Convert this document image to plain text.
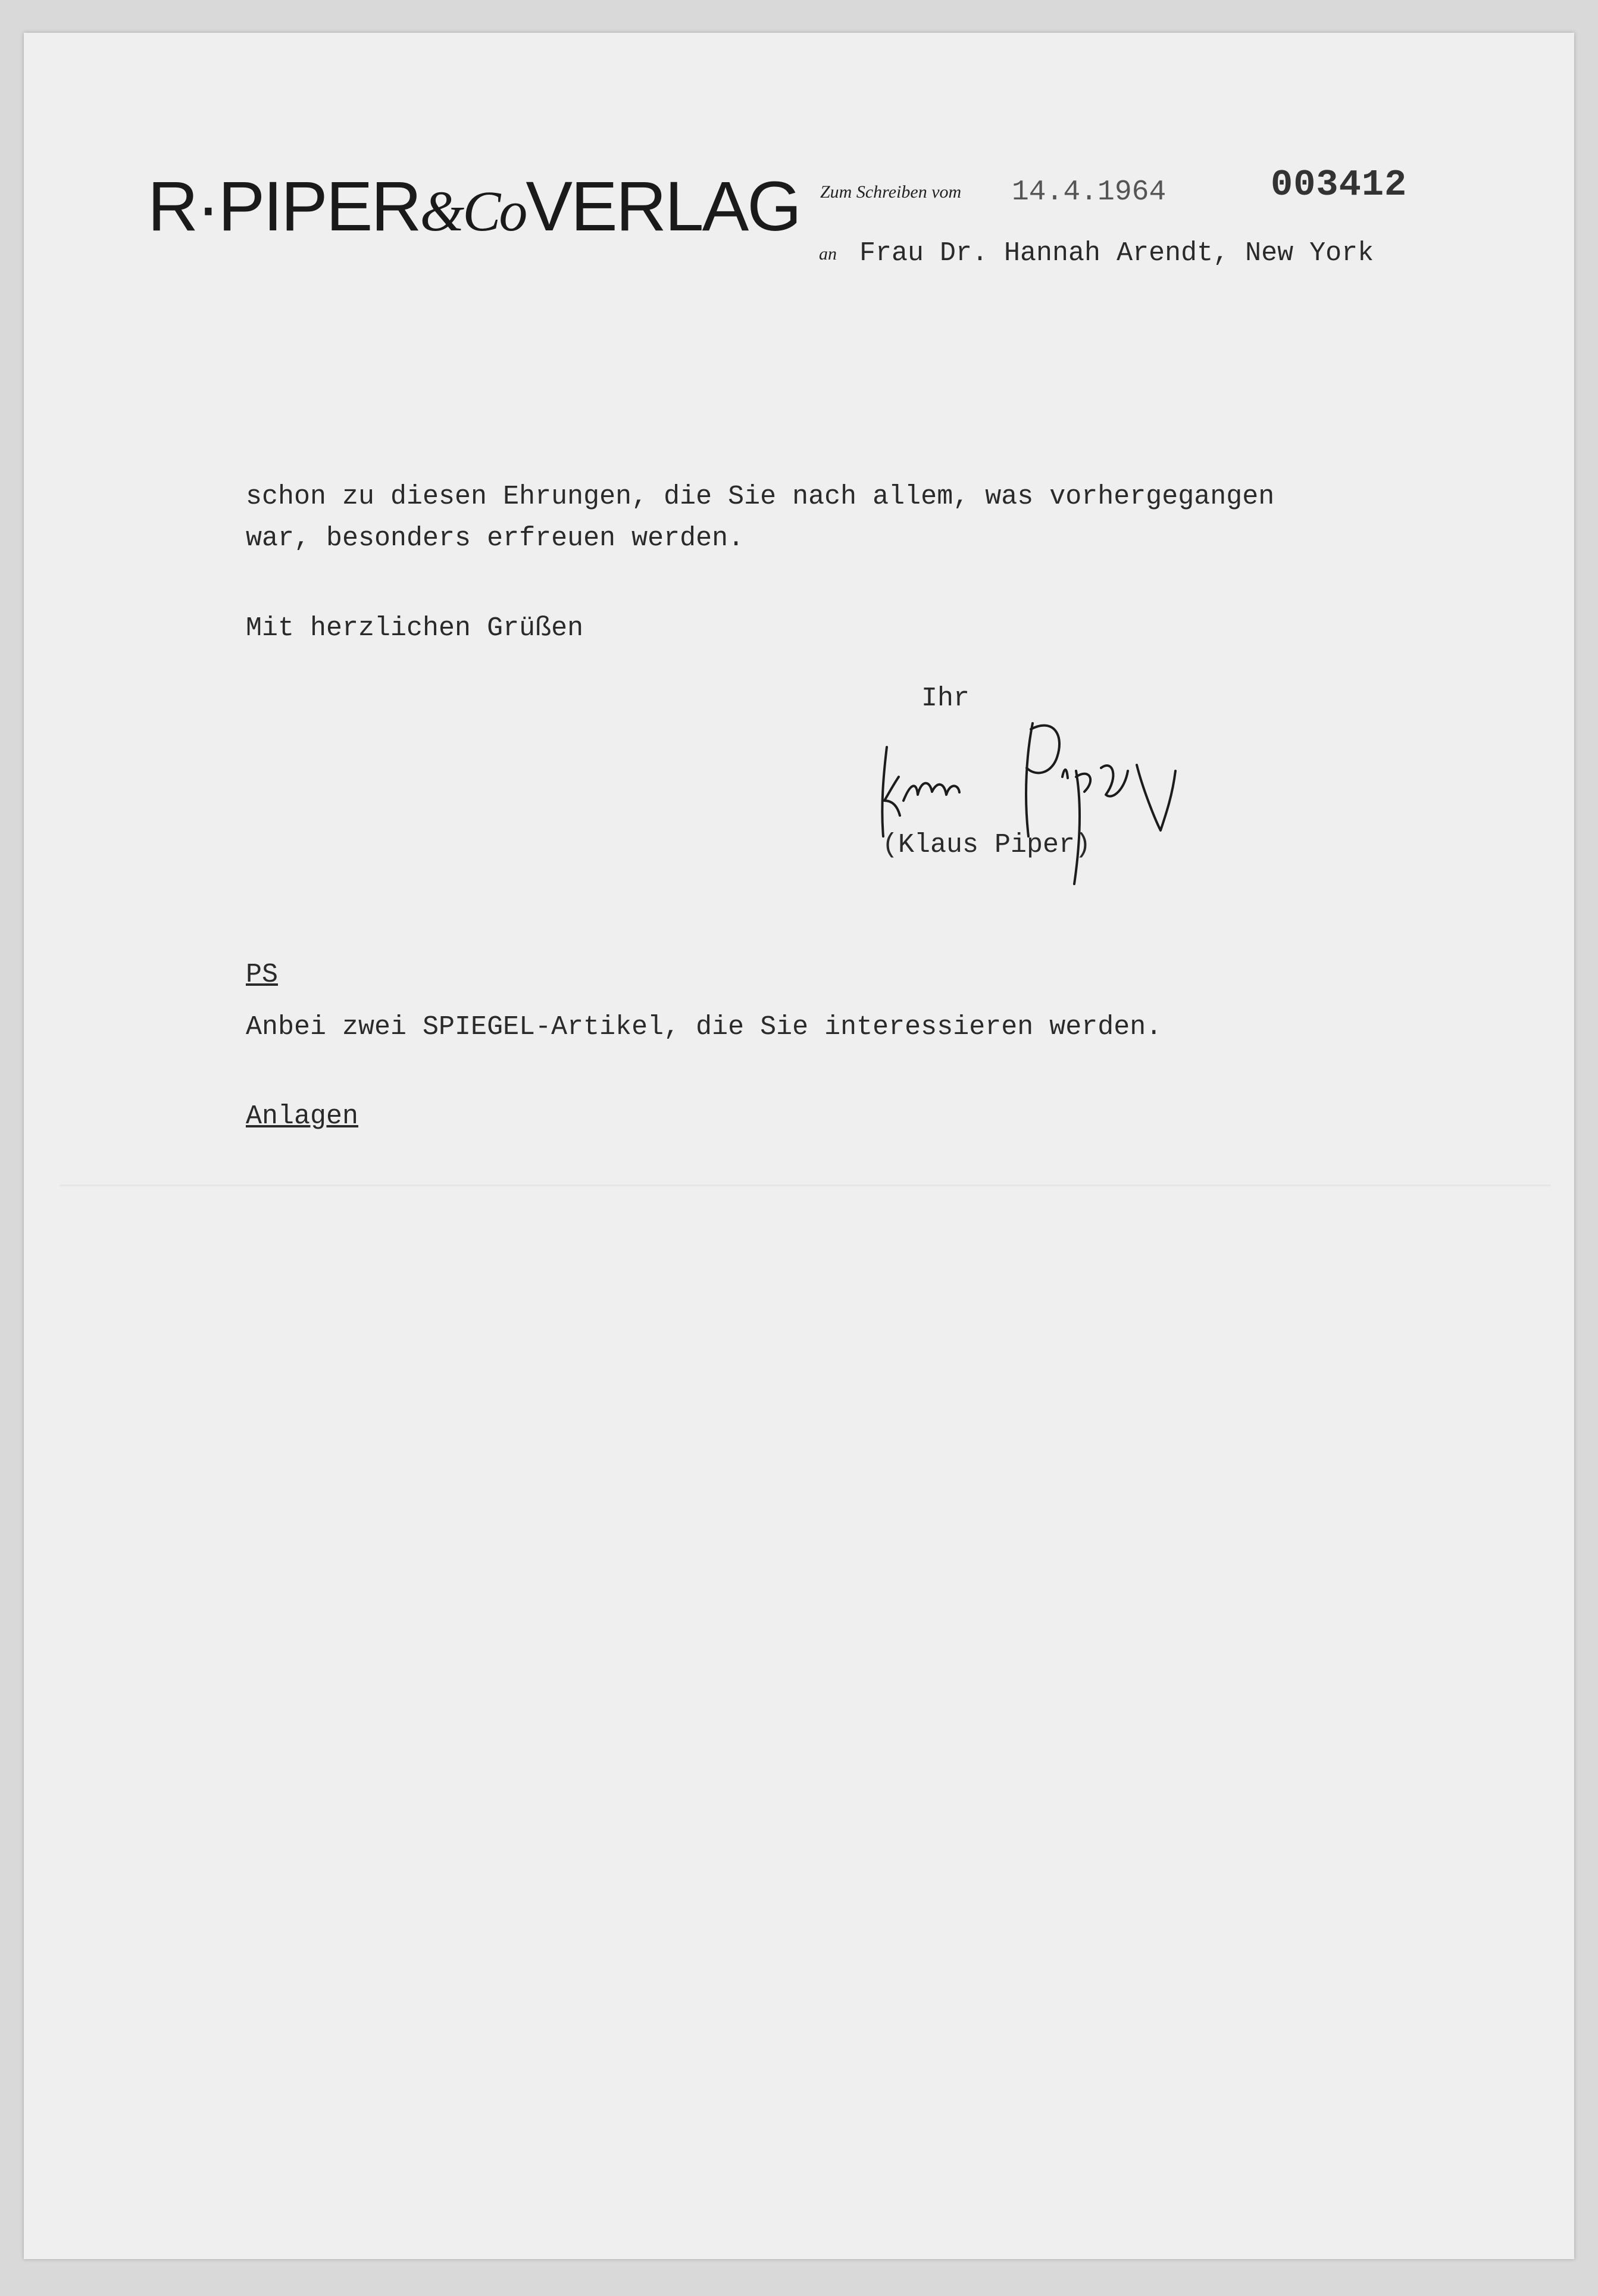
R·PIPER&CoVERLAG Zum Schreiben vom 14.4.1964	003412
an Frau Dr. Hannah Arendt, New York
schon zu diesen Ehrungen, die Sie nach allem, was vorhergegangen
war, besonders erfreuen werden.
Mit herzlichen Grüßen
Ihr
(Klaus Piper)
PS
Anbei zwei SPIEGEL-Artikel, die Sie interessieren werden.
Anlagen
